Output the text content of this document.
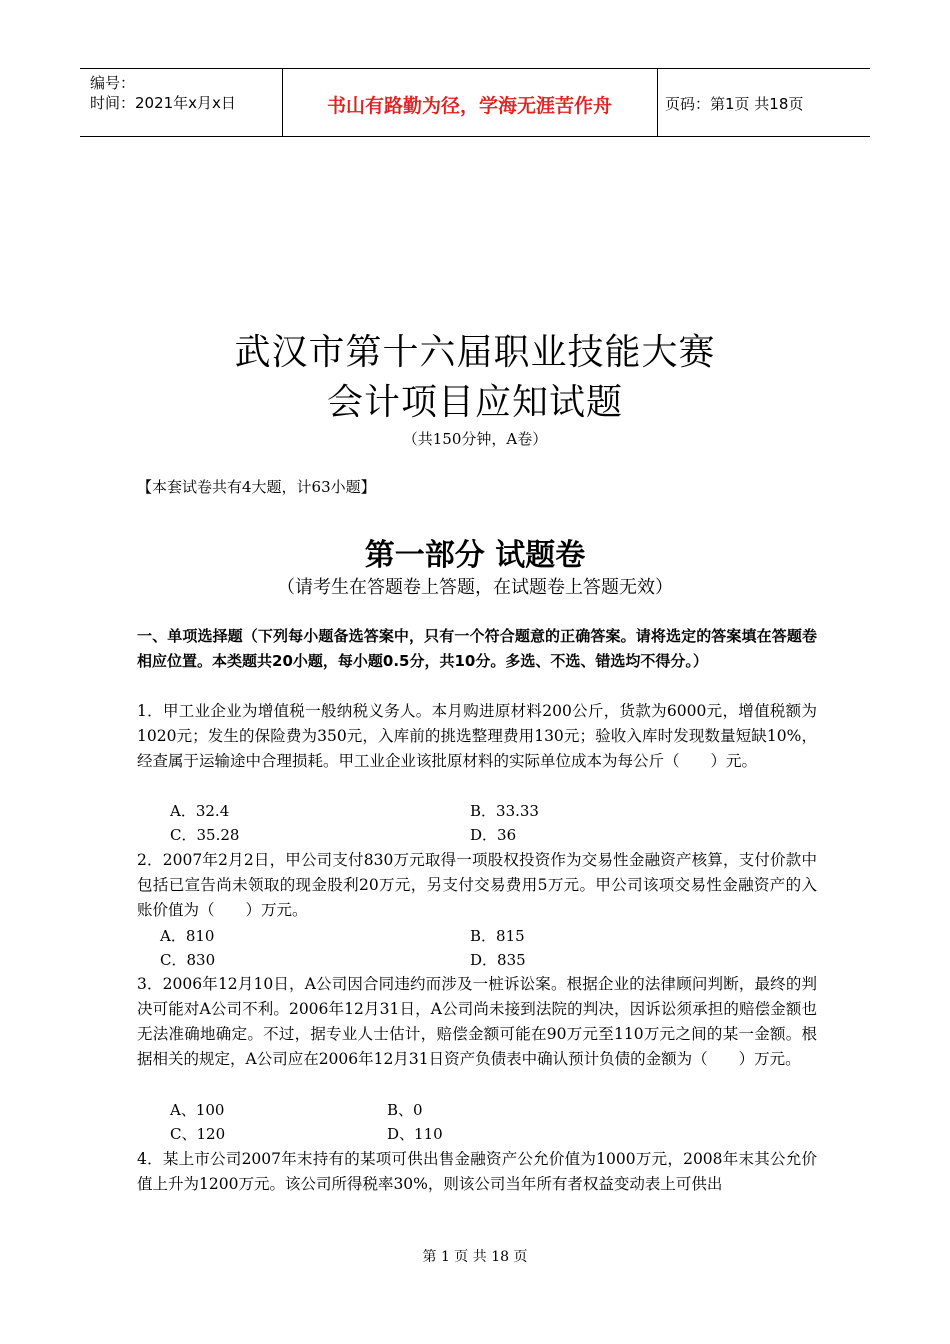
编号：
时间：2021年x月x日	书山有路勤为径，学海无涯苦作舟	页码：第1页 共18页
武汉市第十六届职业技能大赛
会计项目应知试题
（共150分钟，A卷）
【本套试卷共有4大题，计63小题】
第一部分 试题卷
（请考生在答题卷上答题，在试题卷上答题无效）
一、单项选择题（下列每小题备选答案中，只有一个符合题意的正确答案。请将选定的答案填在答题卷相应位置。本类题共20小题，每小题0.5分，共10分。多选、不选、错选均不得分。）
1．甲工业企业为增值税一般纳税义务人。本月购进原材料200公斤，货款为6000元，增值税额为1020元；发生的保险费为350元，入库前的挑选整理费用130元；验收入库时发现数量短缺10%，经查属于运输途中合理损耗。甲工业企业该批原材料的实际单位成本为每公斤（　　）元。
A．32.4	B．33.33
C．35.28	D．36
2．2007年2月2日，甲公司支付830万元取得一项股权投资作为交易性金融资产核算，支付价款中包括已宣告尚未领取的现金股利20万元，另支付交易费用5万元。甲公司该项交易性金融资产的入账价值为（　　）万元。
A．810	B．815
C．830	D．835
3．2006年12月10日，A公司因合同违约而涉及一桩诉讼案。根据企业的法律顾问判断，最终的判决可能对A公司不利。2006年12月31日，A公司尚未接到法院的判决，因诉讼须承担的赔偿金额也无法准确地确定。不过，据专业人士估计，赔偿金额可能在90万元至110万元之间的某一金额。根据相关的规定，A公司应在2006年12月31日资产负债表中确认预计负债的金额为（　　）万元。
A、100	B、0
C、120	D、110
4．某上市公司2007年末持有的某项可供出售金融资产公允价值为1000万元，2008年末其公允价值上升为1200万元。该公司所得税率30%，则该公司当年所有者权益变动表上可供出
第 1 页 共 18 页
